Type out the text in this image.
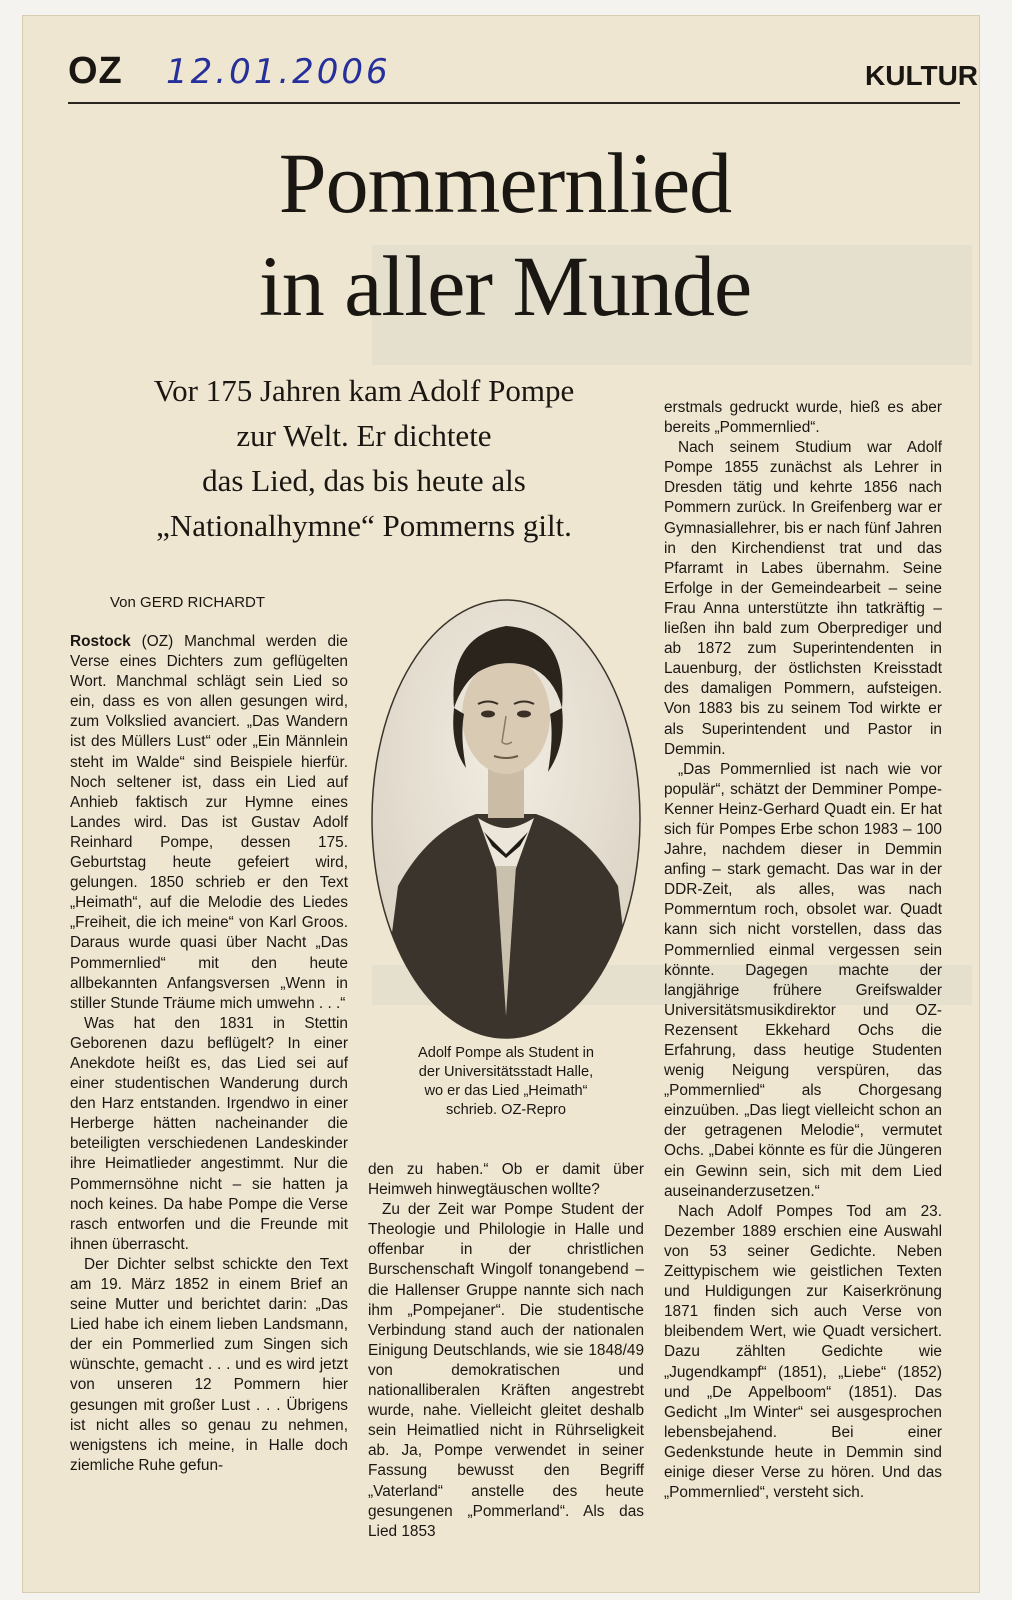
OZ 12.01.2006	KULTUR
Pommernlied
in aller Munde
Vor 175 Jahren kam Adolf Pompe
zur Welt. Er dichtete
das Lied, das bis heute als
„Nationalhymne“ Pommerns gilt.
Von GERD RICHARDT

Rostock (OZ) Manchmal werden die Verse eines Dichters zum geflügelten Wort. Manchmal schlägt sein Lied so ein, dass es von allen gesungen wird, zum Volkslied avanciert. „Das Wandern ist des Müllers Lust“ oder „Ein Männlein steht im Walde“ sind Beispiele hierfür. Noch seltener ist, dass ein Lied auf Anhieb faktisch zur Hymne eines Landes wird. Das ist Gustav Adolf Reinhard Pompe, dessen 175. Geburtstag heute gefeiert wird, gelungen. 1850 schrieb er den Text „Heimath“, auf die Melodie des Liedes „Freiheit, die ich meine“ von Karl Groos. Daraus wurde quasi über Nacht „Das Pommernlied“ mit den heute allbekannten Anfangsversen „Wenn in stiller Stunde Träume mich umwehn . . .“

Was hat den 1831 in Stettin Geborenen dazu beflügelt? In einer Anekdote heißt es, das Lied sei auf einer studentischen Wanderung durch den Harz entstanden. Irgendwo in einer Herberge hätten nacheinander die beteiligten verschiedenen Landeskinder ihre Heimatlieder angestimmt. Nur die Pommernsöhne nicht – sie hatten ja noch keines. Da habe Pompe die Verse rasch entworfen und die Freunde mit ihnen überrascht.

Der Dichter selbst schickte den Text am 19. März 1852 in einem Brief an seine Mutter und berichtet darin: „Das Lied habe ich einem lieben Landsmann, der ein Pommerlied zum Singen sich wünschte, gemacht . . . und es wird jetzt von unseren 12 Pommern hier gesungen mit großer Lust . . . Übrigens ist nicht alles so genau zu nehmen, wenigstens ich meine, in Halle doch ziemliche Ruhe gefun-

Adolf Pompe als Student in
der Universitätsstadt Halle,
wo er das Lied „Heimath“
schrieb. OZ-Repro

den zu haben.“ Ob er damit über Heimweh hinwegtäuschen wollte?

Zu der Zeit war Pompe Student der Theologie und Philologie in Halle und offenbar in der christlichen Burschenschaft Wingolf tonangebend – die Hallenser Gruppe nannte sich nach ihm „Pompejaner“. Die studentische Verbindung stand auch der nationalen Einigung Deutschlands, wie sie 1848/49 von demokratischen und nationalliberalen Kräften angestrebt wurde, nahe. Vielleicht gleitet deshalb sein Heimatlied nicht in Rührseligkeit ab. Ja, Pompe verwendet in seiner Fassung bewusst den Begriff „Vaterland“ anstelle des heute gesungenen „Pommerland“. Als das Lied 1853

erstmals gedruckt wurde, hieß es aber bereits „Pommernlied“.

Nach seinem Studium war Adolf Pompe 1855 zunächst als Lehrer in Dresden tätig und kehrte 1856 nach Pommern zurück. In Greifenberg war er Gymnasiallehrer, bis er nach fünf Jahren in den Kirchendienst trat und das Pfarramt in Labes übernahm. Seine Erfolge in der Gemeindearbeit – seine Frau Anna unterstützte ihn tatkräftig – ließen ihn bald zum Oberprediger und ab 1872 zum Superintendenten in Lauenburg, der östlichsten Kreisstadt des damaligen Pommern, aufsteigen. Von 1883 bis zu seinem Tod wirkte er als Superintendent und Pastor in Demmin.

„Das Pommernlied ist nach wie vor populär“, schätzt der Demminer Pompe-Kenner Heinz-Gerhard Quadt ein. Er hat sich für Pompes Erbe schon 1983 – 100 Jahre, nachdem dieser in Demmin anfing – stark gemacht. Das war in der DDR-Zeit, als alles, was nach Pommerntum roch, obsolet war. Quadt kann sich nicht vorstellen, dass das Pommernlied einmal vergessen sein könnte. Dagegen machte der langjährige frühere Greifswalder Universitätsmusikdirektor und OZ-Rezensent Ekkehard Ochs die Erfahrung, dass heutige Studenten wenig Neigung verspüren, das „Pommernlied“ als Chorgesang einzuüben. „Das liegt vielleicht schon an der getragenen Melodie“, vermutet Ochs. „Dabei könnte es für die Jüngeren ein Gewinn sein, sich mit dem Lied auseinanderzusetzen.“

Nach Adolf Pompes Tod am 23. Dezember 1889 erschien eine Auswahl von 53 seiner Gedichte. Neben Zeittypischem wie geistlichen Texten und Huldigungen zur Kaiserkrönung 1871 finden sich auch Verse von bleibendem Wert, wie Quadt versichert. Dazu zählten Gedichte wie „Jugendkampf“ (1851), „Liebe“ (1852) und „De Appelboom“ (1851). Das Gedicht „Im Winter“ sei ausgesprochen lebensbejahend. Bei einer Gedenkstunde heute in Demmin sind einige dieser Verse zu hören. Und das „Pommernlied“, versteht sich.
